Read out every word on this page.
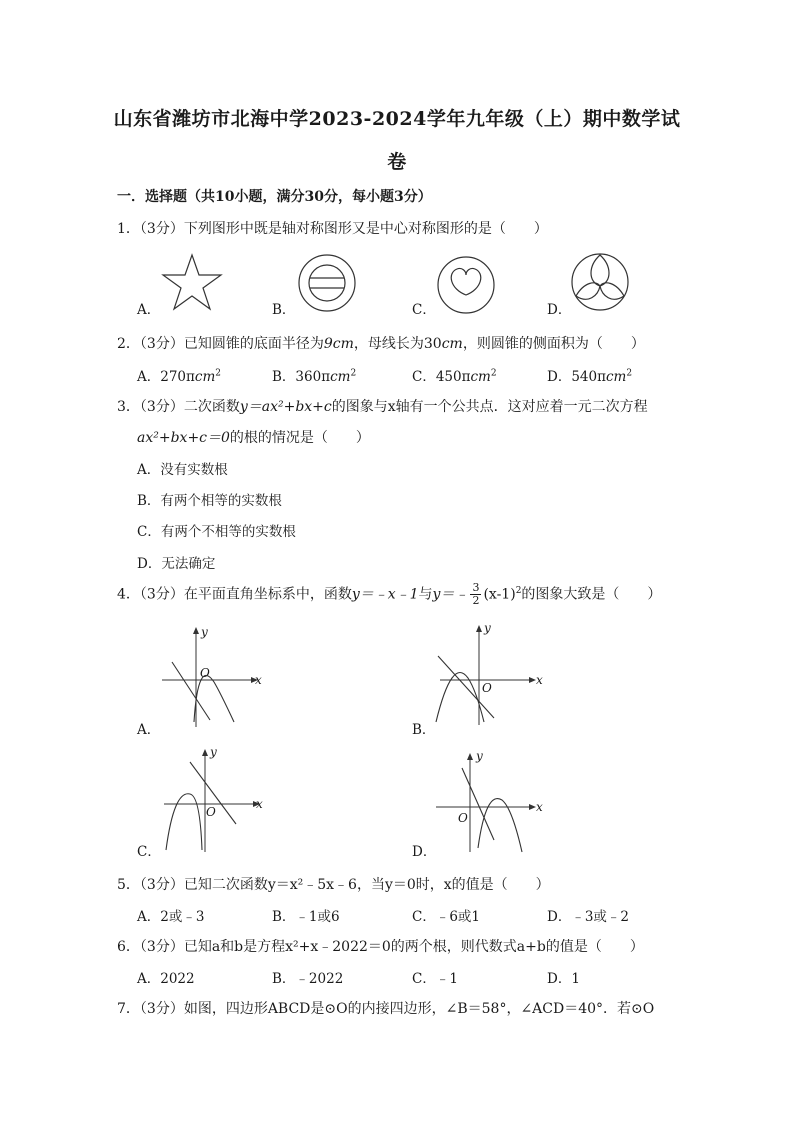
山东省潍坊市北海中学2023-2024学年九年级（上）期中数学试
卷
一．选择题（共10小题，满分30分，每小题3分）
1．（3分）下列图形中既是轴对称图形又是中心对称图形的是（　　）
A．	B．	C．	D．
2．（3分）已知圆锥的底面半径为9cm，母线长为30cm，则圆锥的侧面积为（　　）
A．270πcm$^2$	B．360πcm$^2$	C．450πcm$^2$	D．540πcm$^2$
3．（3分）二次函数y＝ax²+bx+c的图象与x轴有一个公共点．这对应着一元二次方程
ax²+bx+c＝0的根的情况是（　　）
A．没有实数根
B．有两个相等的实数根
C．有两个不相等的实数根
D．无法确定
4．（3分）在平面直角坐标系中，函数y＝﹣x﹣1与y＝﹣ $\frac{3}{2} (x-1)^2$的图象大致是（　　）
A．
x
y
O
B．
x
y
O
C．
x
y
O
D．
x
y
O
5．（3分）已知二次函数y＝x²﹣5x﹣6，当y＝0时，x的值是（　　）
A．2或﹣3	B．﹣1或6	C．﹣6或1	D．﹣3或﹣2
6．（3分）已知a和b是方程x²+x﹣2022＝0的两个根，则代数式a+b的值是（　　）
A．2022	B．﹣2022	C．﹣1	D．1
7．（3分）如图，四边形ABCD是⊙O的内接四边形，∠B＝58°，∠ACD＝40°．若⊙O
